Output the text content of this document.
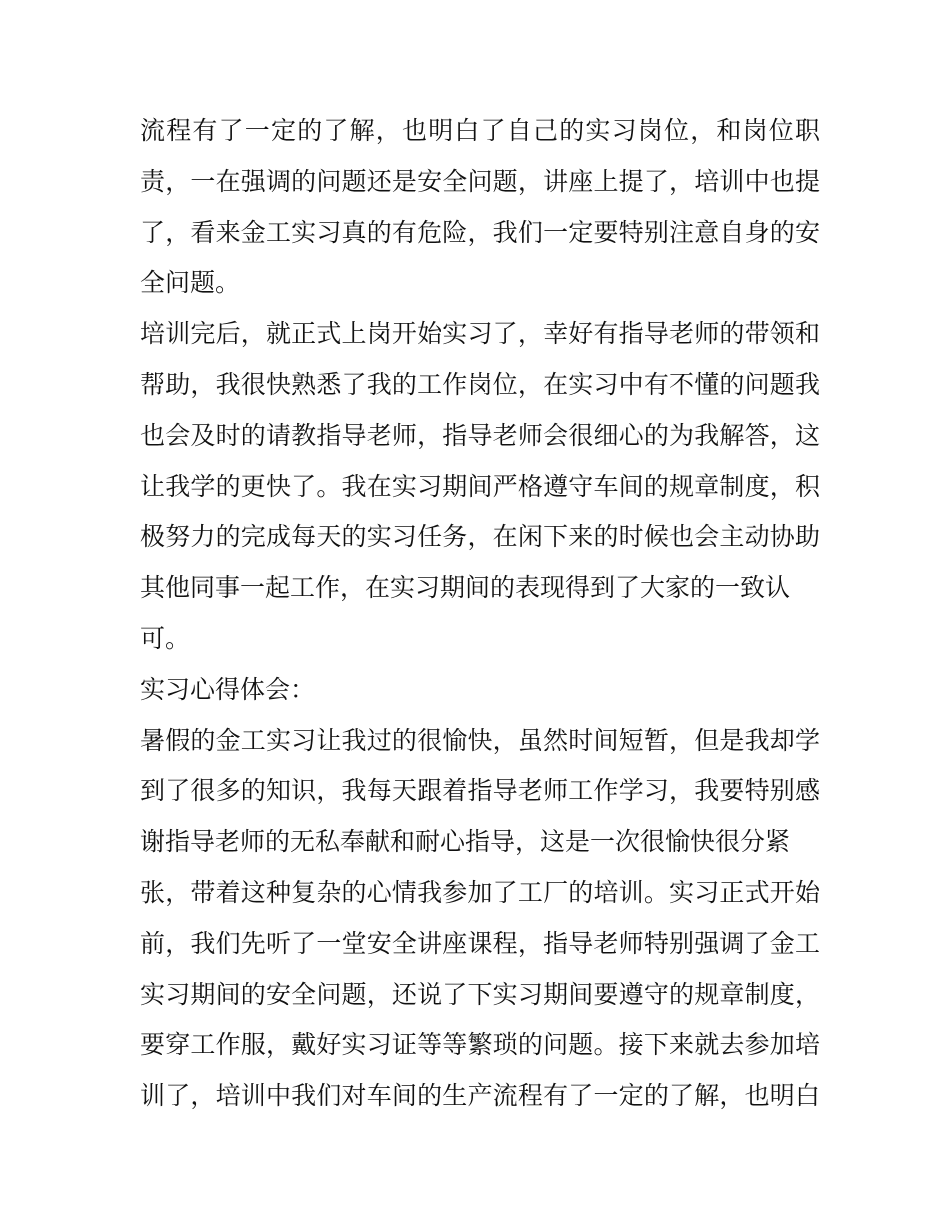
流程有了一定的了解，也明白了自己的实习岗位，和岗位职
责，一在强调的问题还是安全问题，讲座上提了，培训中也提
了，看来金工实习真的有危险，我们一定要特别注意自身的安
全问题。
培训完后，就正式上岗开始实习了，幸好有指导老师的带领和
帮助，我很快熟悉了我的工作岗位，在实习中有不懂的问题我
也会及时的请教指导老师，指导老师会很细心的为我解答，这
让我学的更快了。我在实习期间严格遵守车间的规章制度，积
极努力的完成每天的实习任务，在闲下来的时候也会主动协助
其他同事一起工作，在实习期间的表现得到了大家的一致认
可。
实习心得体会：
暑假的金工实习让我过的很愉快，虽然时间短暂，但是我却学
到了很多的知识，我每天跟着指导老师工作学习，我要特别感
谢指导老师的无私奉献和耐心指导，这是一次很愉快很分紧
张，带着这种复杂的心情我参加了工厂的培训。实习正式开始
前，我们先听了一堂安全讲座课程，指导老师特别强调了金工
实习期间的安全问题，还说了下实习期间要遵守的规章制度，
要穿工作服，戴好实习证等等繁琐的问题。接下来就去参加培
训了，培训中我们对车间的生产流程有了一定的了解，也明白
